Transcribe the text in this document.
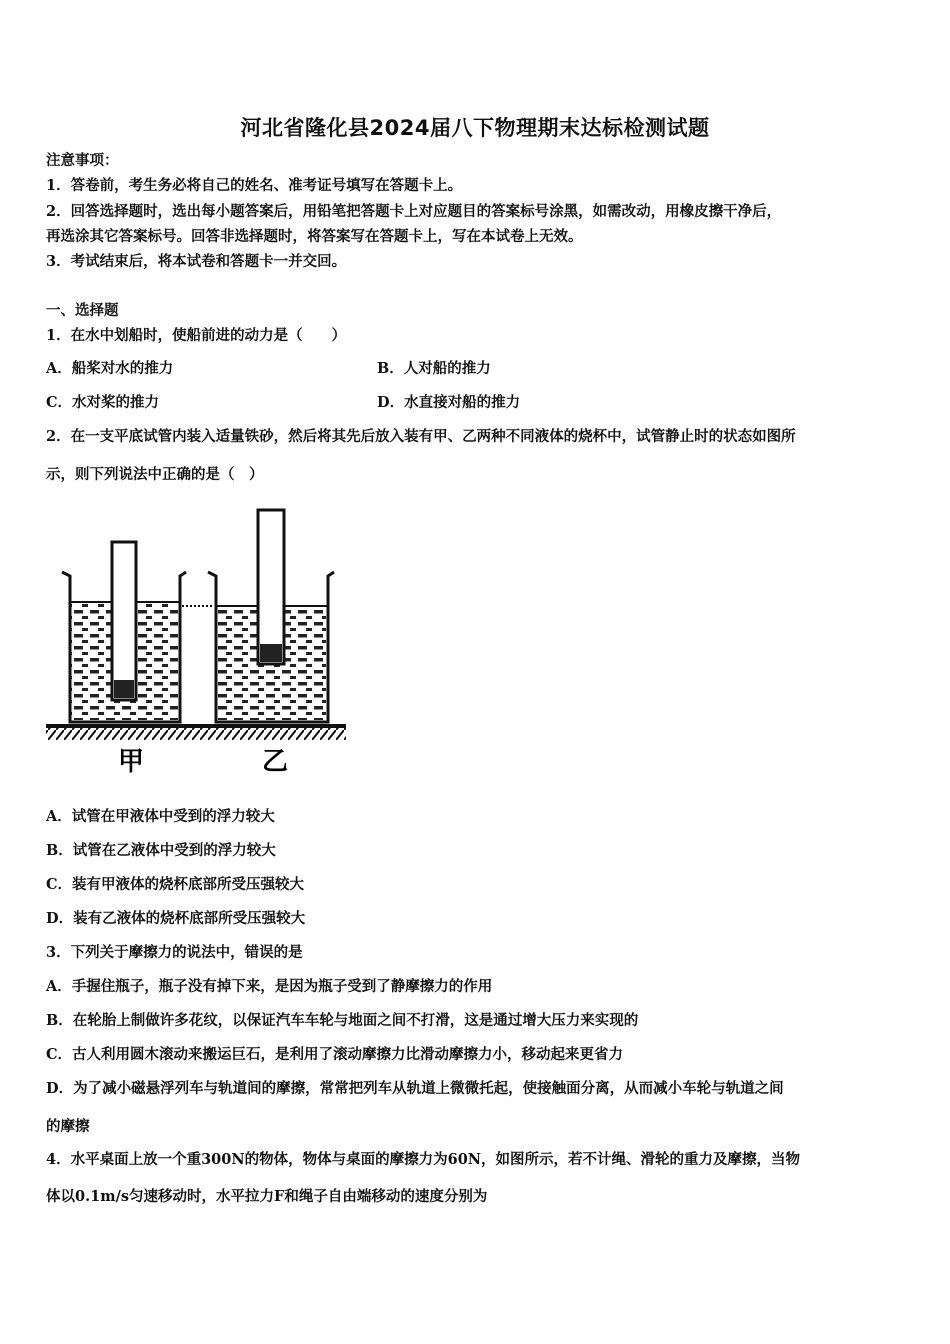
河北省隆化县2024届八下物理期末达标检测试题
注意事项：
1．答卷前，考生务必将自己的姓名、准考证号填写在答题卡上。
2．回答选择题时，选出每小题答案后，用铅笔把答题卡上对应题目的答案标号涂黑，如需改动，用橡皮擦干净后，
再选涂其它答案标号。回答非选择题时，将答案写在答题卡上，写在本试卷上无效。
3．考试结束后，将本试卷和答题卡一并交回。
一、选择题
1．在水中划船时，使船前进的动力是（　　）
A．船桨对水的推力	B．人对船的推力
C．水对桨的推力	D．水直接对船的推力
2．在一支平底试管内装入适量铁砂，然后将其先后放入装有甲、乙两种不同液体的烧杯中，试管静止时的状态如图所
示，则下列说法中正确的是（　）
甲	乙
A．试管在甲液体中受到的浮力较大
B．试管在乙液体中受到的浮力较大
C．装有甲液体的烧杯底部所受压强较大
D．装有乙液体的烧杯底部所受压强较大
3．下列关于摩擦力的说法中，错误的是
A．手握住瓶子，瓶子没有掉下来，是因为瓶子受到了静摩擦力的作用
B．在轮胎上制做许多花纹，以保证汽车车轮与地面之间不打滑，这是通过增大压力来实现的
C．古人利用圆木滚动来搬运巨石，是利用了滚动摩擦力比滑动摩擦力小，移动起来更省力
D．为了减小磁悬浮列车与轨道间的摩擦，常常把列车从轨道上微微托起，使接触面分离，从而减小车轮与轨道之间
的摩擦
4．水平桌面上放一个重300N的物体，物体与桌面的摩擦力为60N，如图所示，若不计绳、滑轮的重力及摩擦，当物
体以0.1m/s匀速移动时，水平拉力F和绳子自由端移动的速度分别为
